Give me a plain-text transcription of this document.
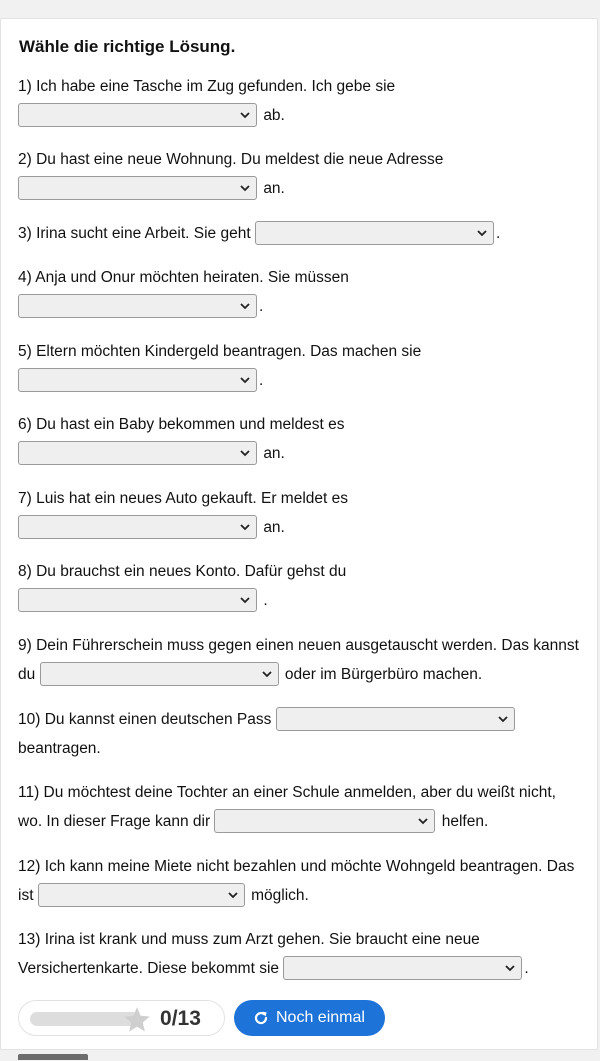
Wähle die richtige Lösung.
1) Ich habe eine Tasche im Zug gefunden. Ich gebe sie

ab.
2) Du hast eine neue Wohnung. Du meldest die neue Adresse

an.
3) Irina sucht eine Arbeit. Sie geht	.
4) Anja und Onur möchten heiraten. Sie müssen

.
5) Eltern möchten Kindergeld beantragen. Das machen sie

.
6) Du hast ein Baby bekommen und meldest es

an.
7) Luis hat ein neues Auto gekauft. Er meldet es

an.
8) Du brauchst ein neues Konto. Dafür gehst du

.
9) Dein Führerschein muss gegen einen neuen ausgetauscht werden. Das kannst du	oder im Bürgerbüro machen.
10) Du kannst einen deutschen Pass
beantragen.
11) Du möchtest deine Tochter an einer Schule anmelden, aber du weißt nicht, wo. In dieser Frage kann dir	helfen.
12) Ich kann meine Miete nicht bezahlen und möchte Wohngeld beantragen. Das ist	möglich.
13) Irina ist krank und muss zum Arzt gehen. Sie braucht eine neue Versichertenkarte. Diese bekommt sie	.
0/13	Noch einmal
